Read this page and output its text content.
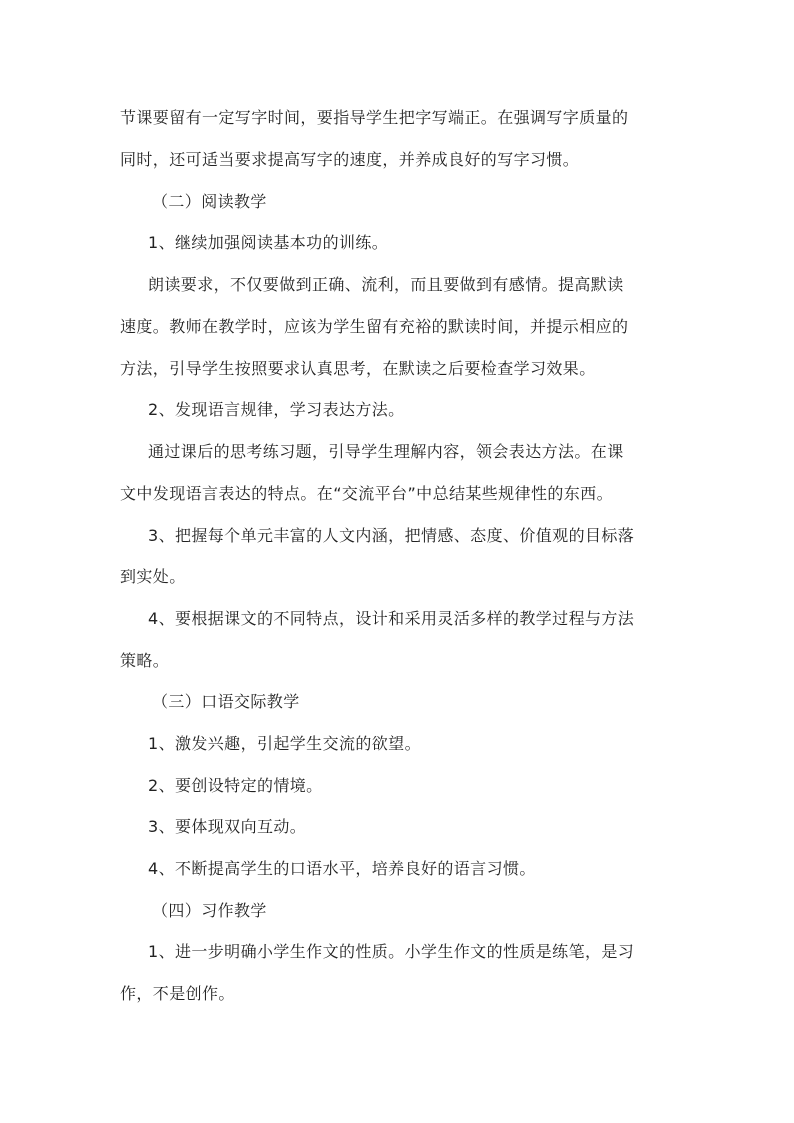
节课要留有一定写字时间，要指导学生把字写端正。在强调写字质量的
同时，还可适当要求提高写字的速度，并养成良好的写字习惯。
（二）阅读教学
1、继续加强阅读基本功的训练。
朗读要求，不仅要做到正确、流利，而且要做到有感情。提高默读
速度。教师在教学时，应该为学生留有充裕的默读时间，并提示相应的
方法，引导学生按照要求认真思考，在默读之后要检查学习效果。
2、发现语言规律，学习表达方法。
通过课后的思考练习题，引导学生理解内容，领会表达方法。在课
文中发现语言表达的特点。在“交流平台”中总结某些规律性的东西。
3、把握每个单元丰富的人文内涵，把情感、态度、价值观的目标落
到实处。
4、要根据课文的不同特点，设计和采用灵活多样的教学过程与方法
策略。
（三）口语交际教学
1、激发兴趣，引起学生交流的欲望。
2、要创设特定的情境。
3、要体现双向互动。
4、不断提高学生的口语水平，培养良好的语言习惯。
（四）习作教学
1、进一步明确小学生作文的性质。小学生作文的性质是练笔，是习
作，不是创作。
